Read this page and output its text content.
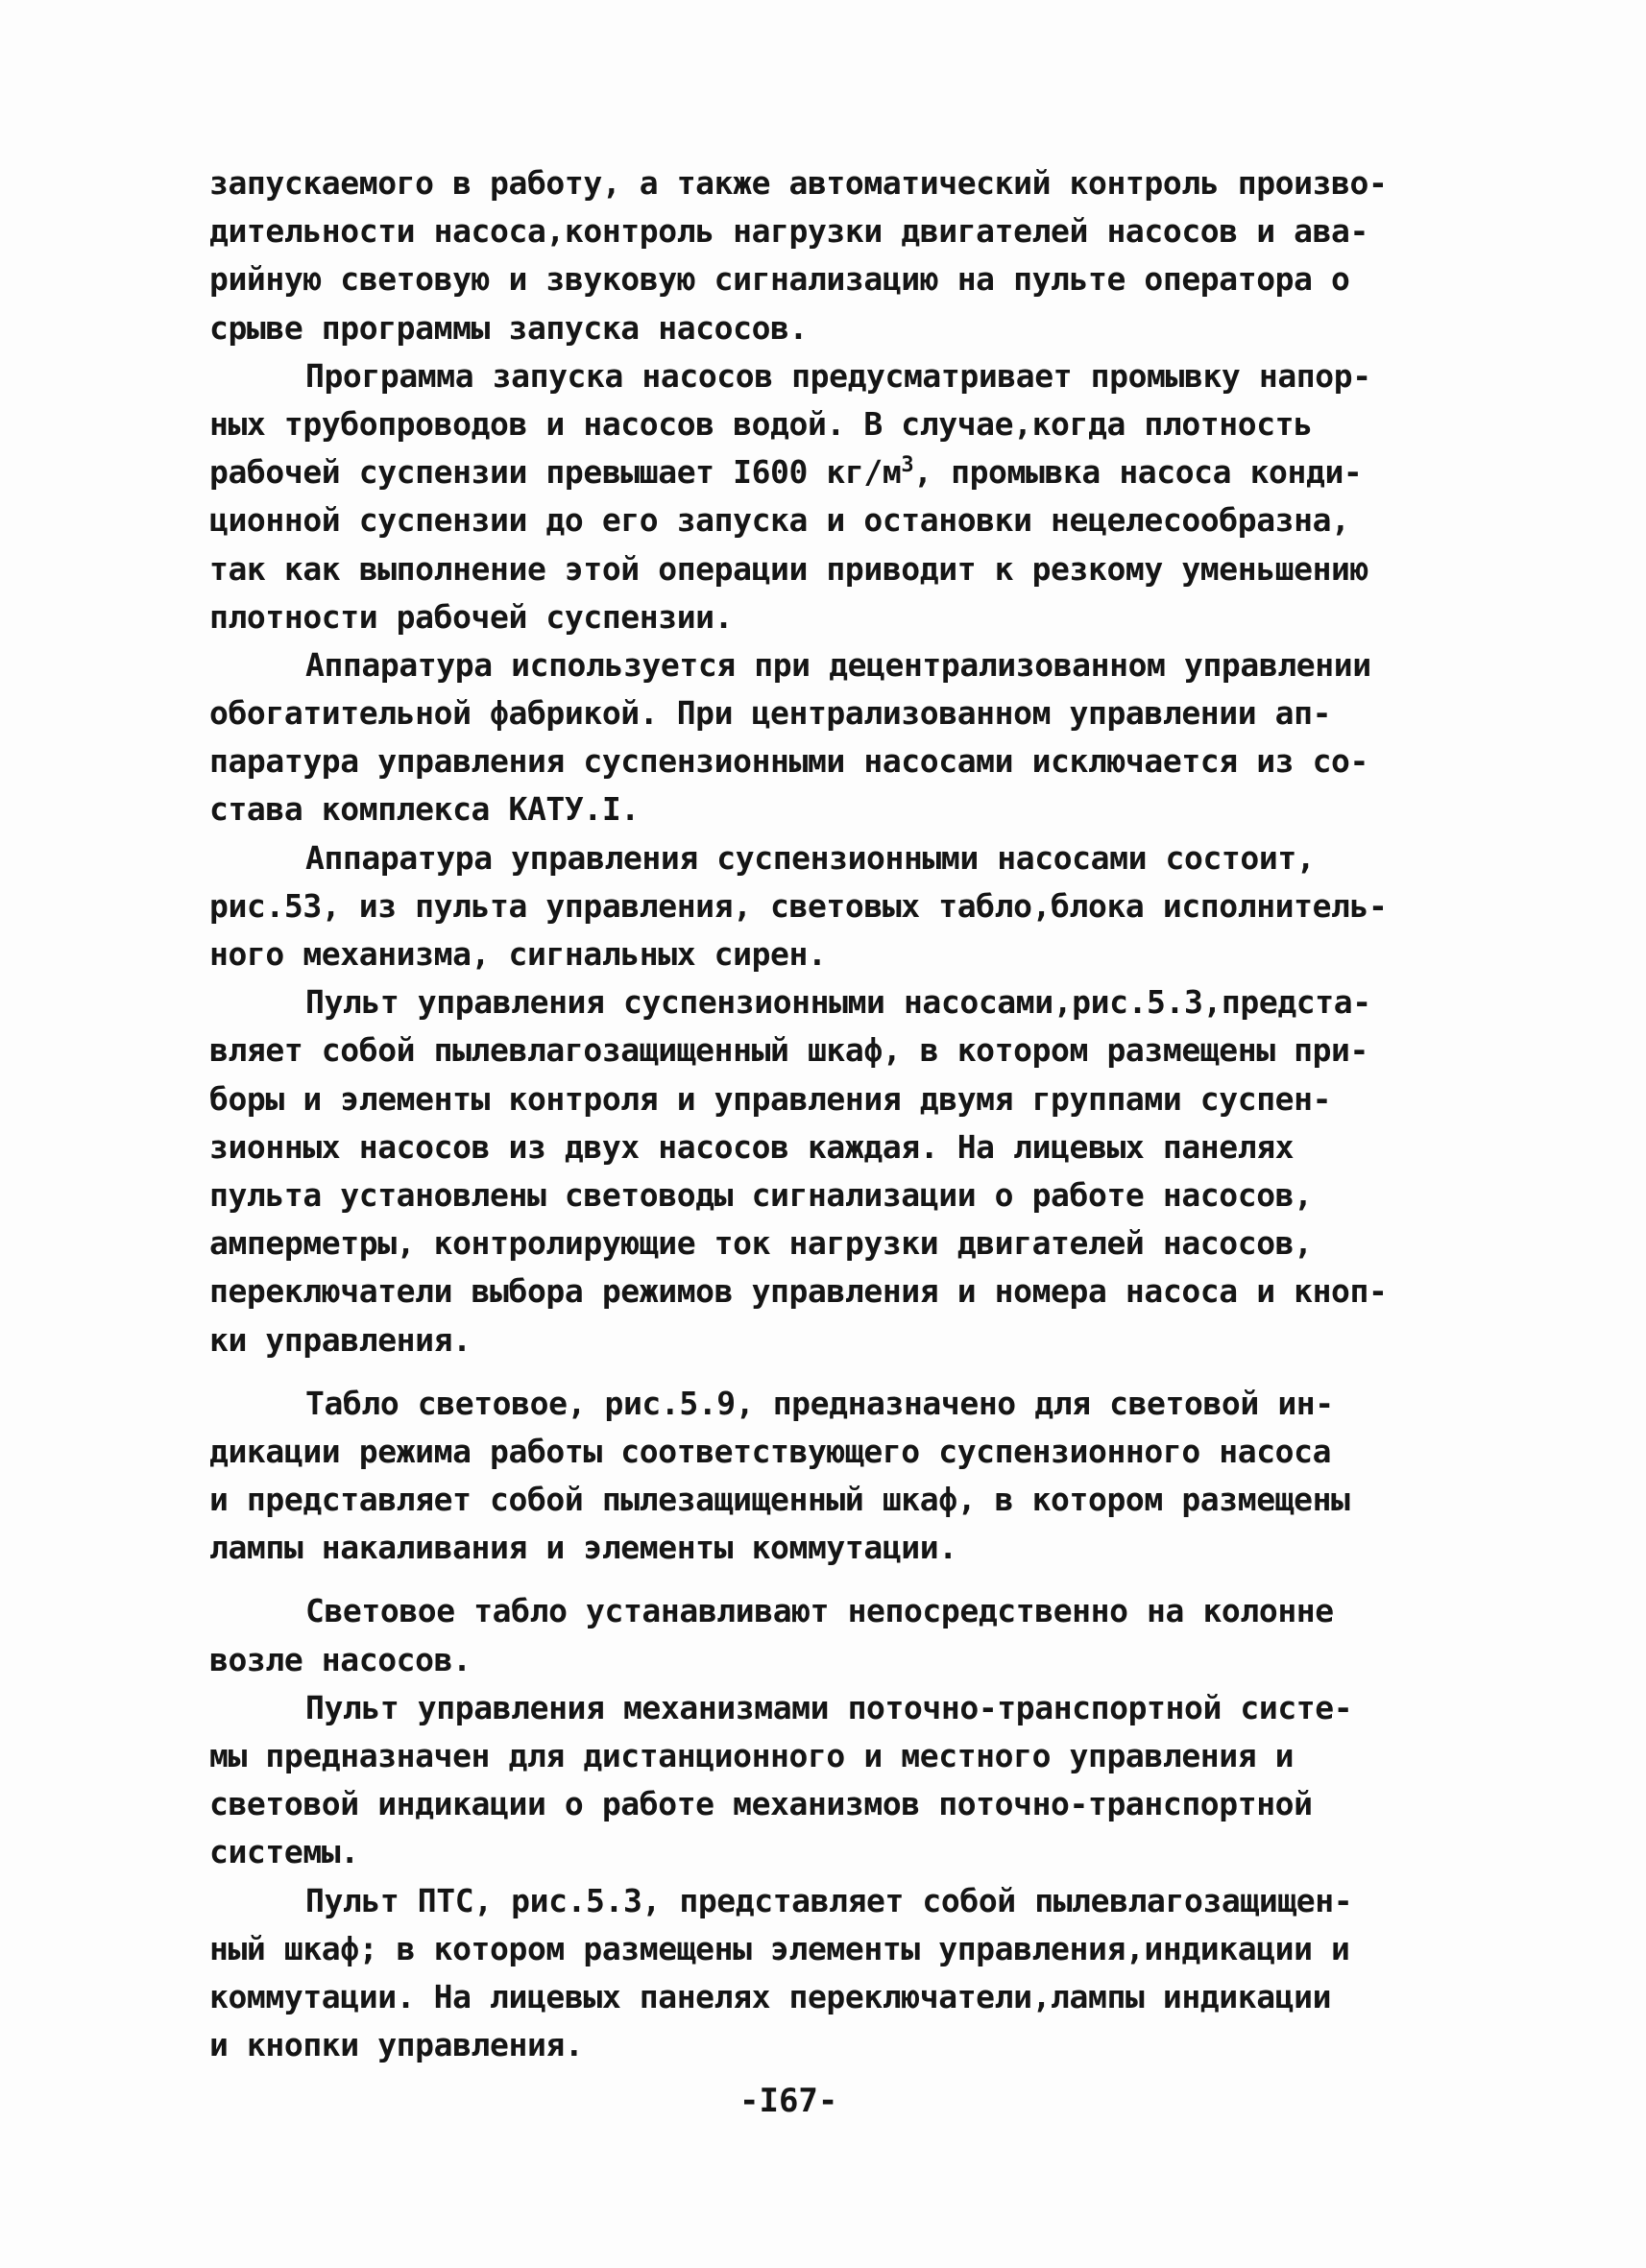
запускаемого в работу, а также автоматический контроль произво-
дительности насоса,контроль нагрузки двигателей насосов и ава-
рийную световую и звуковую сигнализацию на пульте оператора о
срыве программы запуска насосов.
Программа запуска насосов предусматривает промывку напор-
ных трубопроводов и насосов водой. В случае,когда плотность
рабочей суспензии превышает I600 $кг/м^3$, промывка насоса конди-
ционной суспензии до его запуска и остановки нецелесообразна,
так как выполнение этой операции приводит к резкому уменьшению
плотности рабочей суспензии.
Аппаратура используется при децентрализованном управлении
обогатительной фабрикой. При централизованном управлении ап-
паратура управления суспензионными насосами исключается из со-
става комплекса КАТУ.I.
Аппаратура управления суспензионными насосами состоит,
рис.53, из пульта управления, световых табло,блока исполнитель-
ного механизма, сигнальных сирен.
Пульт управления суспензионными насосами,рис.5.3,предста-
вляет собой пылевлагозащищенный шкаф, в котором размещены при-
боры и элементы контроля и управления двумя группами суспен-
зионных насосов из двух насосов каждая. На лицевых панелях
пульта установлены световоды сигнализации о работе насосов,
амперметры, контролирующие ток нагрузки двигателей насосов,
переключатели выбора режимов управления и номера насоса и кноп-
ки управления.
Табло световое, рис.5.9, предназначено для световой ин-
дикации режима работы соответствующего суспензионного насоса
и представляет собой пылезащищенный шкаф, в котором размещены
лампы накаливания и элементы коммутации.
Световое табло устанавливают непосредственно на колонне
возле насосов.
Пульт управления механизмами поточно-транспортной систе-
мы предназначен для дистанционного и местного управления и
световой индикации о работе механизмов поточно-транспортной
системы.
Пульт ПТС, рис.5.3, представляет собой пылевлагозащищен-
ный шкаф; в котором размещены элементы управления,индикации и
коммутации. На лицевых панелях переключатели,лампы индикации
и кнопки управления.
-I67-
